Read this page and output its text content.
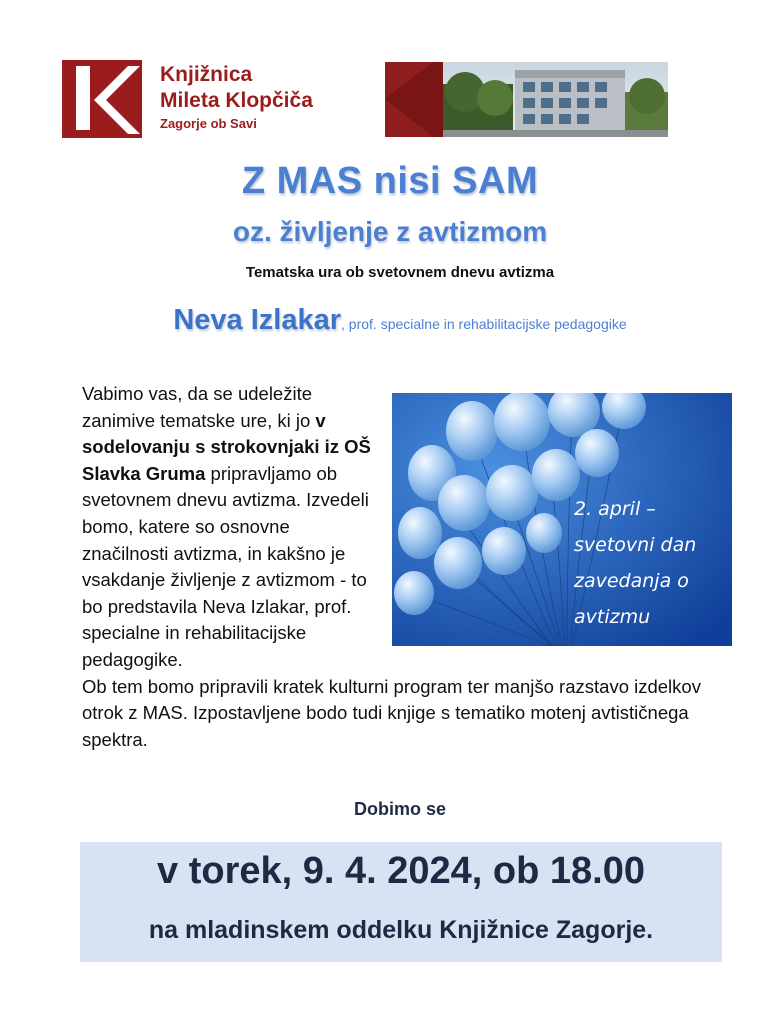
Knjižnica
Mileta Klopčiča
Zagorje ob Savi
Z MAS nisi SAM
oz. življenje z avtizmom
Tematska ura ob svetovnem dnevu avtizma
Neva Izlakar, prof. specialne in rehabilitacijske pedagogike
2. april –
svetovni dan
zavedanja o
avtizmu
Vabimo vas, da se udeležite zanimive tematske ure, ki jo v sodelovanju s strokovnjaki iz OŠ Slavka Gruma pripravljamo ob svetovnem dnevu avtizma. Izvedeli bomo, katere so osnovne značilnosti avtizma, in kakšno je vsakdanje življenje z avtizmom - to bo predstavila Neva Izlakar, prof. specialne in rehabilitacijske pedagogike.
Ob tem bomo pripravili kratek kulturni program ter manjšo razstavo izdelkov otrok z MAS. Izpostavljene bodo tudi knjige s tematiko motenj avtističnega spektra.
Dobimo se
v torek, 9. 4. 2024, ob 18.00
na mladinskem oddelku Knjižnice Zagorje.
